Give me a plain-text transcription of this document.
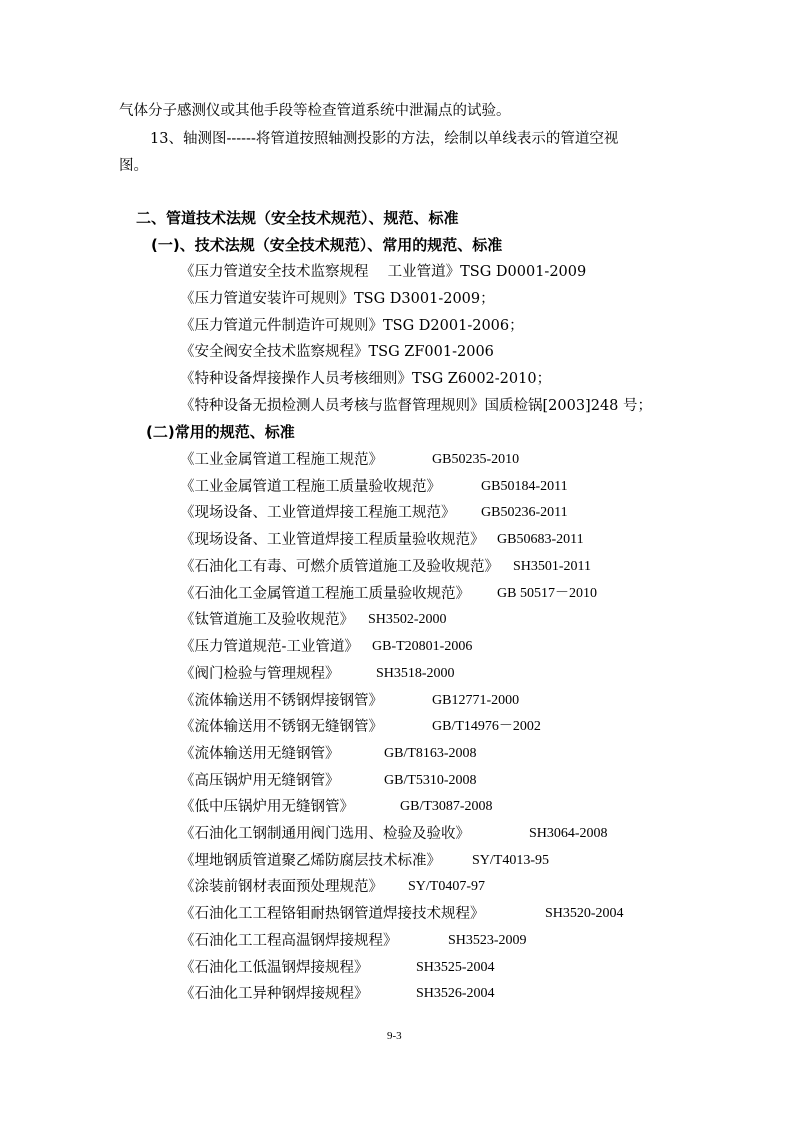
气体分子感测仪或其他手段等检查管道系统中泄漏点的试验。
13、轴测图------将管道按照轴测投影的方法，绘制以单线表示的管道空视
图。
二、管道技术法规（安全技术规范）、规范、标准
(一)、技术法规（安全技术规范）、常用的规范、标准
《压力管道安全技术监察规程　 工业管道》TSG D0001-2009
《压力管道安装许可规则》TSG D3001-2009；
《压力管道元件制造许可规则》TSG D2001-2006；
《安全阀安全技术监察规程》TSG ZF001-2006
《特种设备焊接操作人员考核细则》TSG Z6002-2010；
《特种设备无损检测人员考核与监督管理规则》国质检锅[2003]248 号；
(二)常用的规范、标准
《工业金属管道工程施工规范》	GB50235-2010
《工业金属管道工程施工质量验收规范》	GB50184-2011
《现场设备、工业管道焊接工程施工规范》 GB50236-2011
《现场设备、工业管道焊接工程质量验收规范》 GB50683-2011
《石油化工有毒、可燃介质管道施工及验收规范》 SH3501-2011
《石油化工金属管道工程施工质量验收规范》 GB 50517－2010
《钛管道施工及验收规范》 SH3502-2000
《压力管道规范-工业管道》 GB-T20801-2006
《阀门检验与管理规程》	SH3518-2000
《流体输送用不锈钢焊接钢管》	GB12771-2000
《流体输送用不锈钢无缝钢管》	GB/T14976－2002
《流体输送用无缝钢管》	GB/T8163-2008
《高压锅炉用无缝钢管》	GB/T5310-2008
《低中压锅炉用无缝钢管》	GB/T3087-2008
《石油化工钢制通用阀门选用、检验及验收》	SH3064-2008
《埋地钢质管道聚乙烯防腐层技术标准》 SY/T4013-95
《涂装前钢材表面预处理规范》 SY/T0407-97
《石油化工工程铬钼耐热钢管道焊接技术规程》	SH3520-2004
《石油化工工程高温钢焊接规程》	SH3523-2009
《石油化工低温钢焊接规程》	SH3525-2004
《石油化工异种钢焊接规程》	SH3526-2004
9-3
